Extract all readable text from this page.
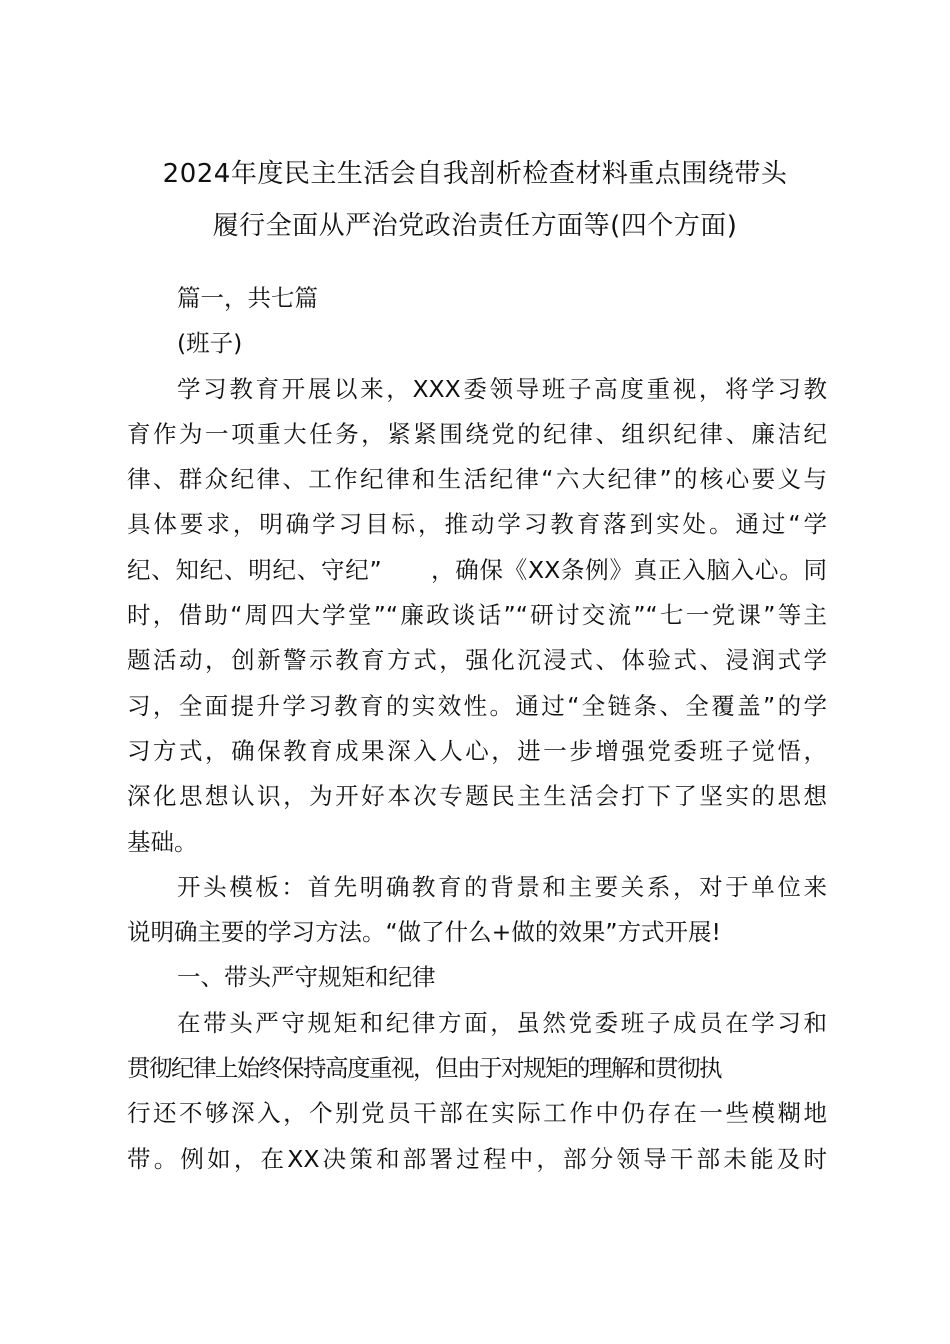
2024年度民主生活会自我剖析检查材料重点围绕带头
履行全面从严治党政治责任方面等(四个方面)

篇一，共七篇

(班子)

学习教育开展以来，XXX委领导班子高度重视，将学习教
育作为一项重大任务，紧紧围绕党的纪律、组织纪律、廉洁纪
律、群众纪律、工作纪律和生活纪律“六大纪律”的核心要义与
具体要求，明确学习目标，推动学习教育落到实处。通过“学
纪、知纪、明纪、守纪”　　，确保《XX条例》真正入脑入心。同
时，借助“周四大学堂”“廉政谈话”“研讨交流”“七一党课”等主
题活动，创新警示教育方式，强化沉浸式、体验式、浸润式学
习，全面提升学习教育的实效性。通过“全链条、全覆盖”的学
习方式，确保教育成果深入人心，进一步增强党委班子觉悟，
深化思想认识，为开好本次专题民主生活会打下了坚实的思想
基础。

开头模板：首先明确教育的背景和主要关系，对于单位来
说明确主要的学习方法。“做了什么+做的效果”方式开展!

一、带头严守规矩和纪律

在带头严守规矩和纪律方面，虽然党委班子成员在学习和
贯彻纪律上始终保持高度重视，但由于对规矩的理解和贯彻执
行还不够深入，个别党员干部在实际工作中仍存在一些模糊地
带。例如，在XX决策和部署过程中，部分领导干部未能及时
